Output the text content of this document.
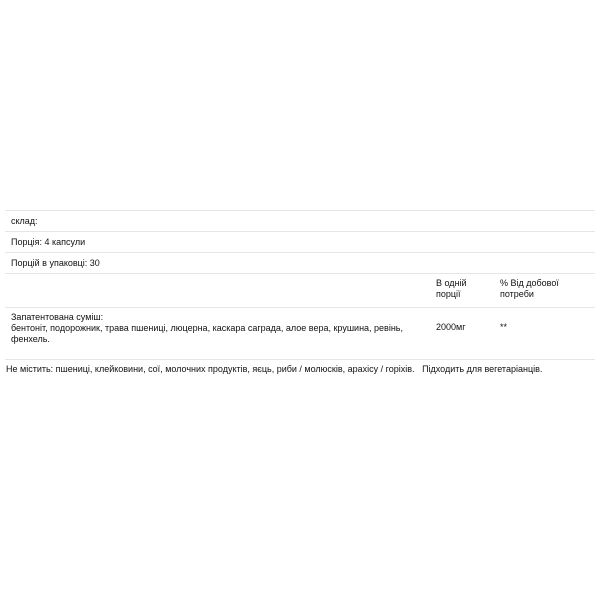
склад:
Порція: 4 капсули
Порцій в упаковці: 30
В одній
порції
% Від добової
потреби
Запатентована суміш:
бентоніт, подорожник, трава пшениці, люцерна, каскара саграда, алое вера, крушина, ревінь, фенхель.
2000мг	**
Не містить: пшениці, клейковини, сої, молочних продуктів, яєць, риби / молюсків, арахісу / горіхів. Підходить для вегетаріанців.
